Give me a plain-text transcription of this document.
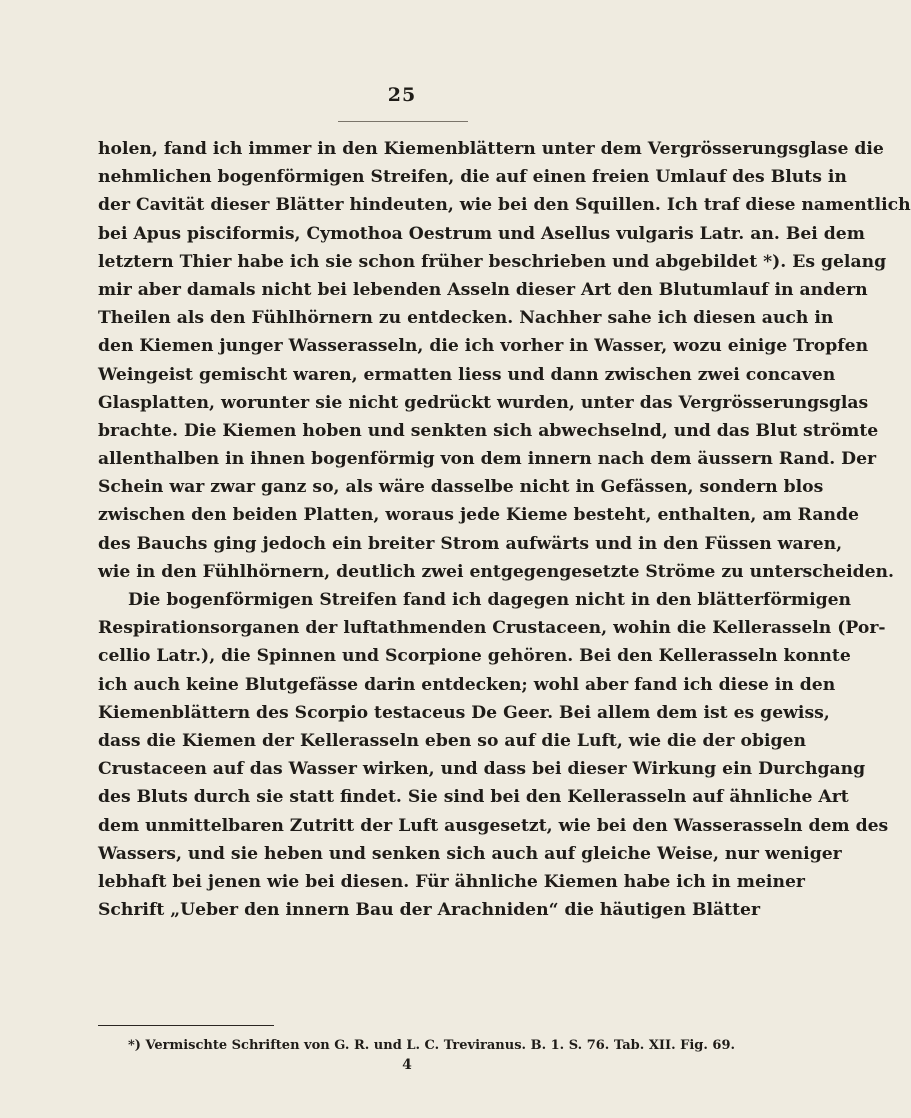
25
holen, fand ich immer in den Kiemenblättern unter dem Vergrösserungsglase die
nehmlichen bogenförmigen Streifen, die auf einen freien Umlauf des Bluts in
der Cavität dieser Blätter hindeuten, wie bei den Squillen. Ich traf diese namentlich
bei Apus pisciformis, Cymothoa Oestrum und Asellus vulgaris Latr. an. Bei dem
letztern Thier habe ich sie schon früher beschrieben und abgebildet *). Es gelang
mir aber damals nicht bei lebenden Asseln dieser Art den Blutumlauf in andern
Theilen als den Fühlhörnern zu entdecken. Nachher sahe ich diesen auch in
den Kiemen junger Wasserasseln, die ich vorher in Wasser, wozu einige Tropfen
Weingeist gemischt waren, ermatten liess und dann zwischen zwei concaven
Glasplatten, worunter sie nicht gedrückt wurden, unter das Vergrösserungsglas
brachte. Die Kiemen hoben und senkten sich abwechselnd, und das Blut strömte
allenthalben in ihnen bogenförmig von dem innern nach dem äussern Rand. Der
Schein war zwar ganz so, als wäre dasselbe nicht in Gefässen, sondern blos
zwischen den beiden Platten, woraus jede Kieme besteht, enthalten, am Rande
des Bauchs ging jedoch ein breiter Strom aufwärts und in den Füssen waren,
wie in den Fühlhörnern, deutlich zwei entgegengesetzte Ströme zu unterscheiden.
Die bogenförmigen Streifen fand ich dagegen nicht in den blätterförmigen
Respirationsorganen der luftathmenden Crustaceen, wohin die Kellerasseln (Por-
cellio Latr.), die Spinnen und Scorpione gehören. Bei den Kellerasseln konnte
ich auch keine Blutgefässe darin entdecken; wohl aber fand ich diese in den
Kiemenblättern des Scorpio testaceus De Geer. Bei allem dem ist es gewiss,
dass die Kiemen der Kellerasseln eben so auf die Luft, wie die der obigen
Crustaceen auf das Wasser wirken, und dass bei dieser Wirkung ein Durchgang
des Bluts durch sie statt findet. Sie sind bei den Kellerasseln auf ähnliche Art
dem unmittelbaren Zutritt der Luft ausgesetzt, wie bei den Wasserasseln dem des
Wassers, und sie heben und senken sich auch auf gleiche Weise, nur weniger
lebhaft bei jenen wie bei diesen. Für ähnliche Kiemen habe ich in meiner
Schrift „Ueber den innern Bau der Arachniden“ die häutigen Blätter
*) Vermischte Schriften von G. R. und L. C. Treviranus. B. 1. S. 76. Tab. XII. Fig. 69.
4
